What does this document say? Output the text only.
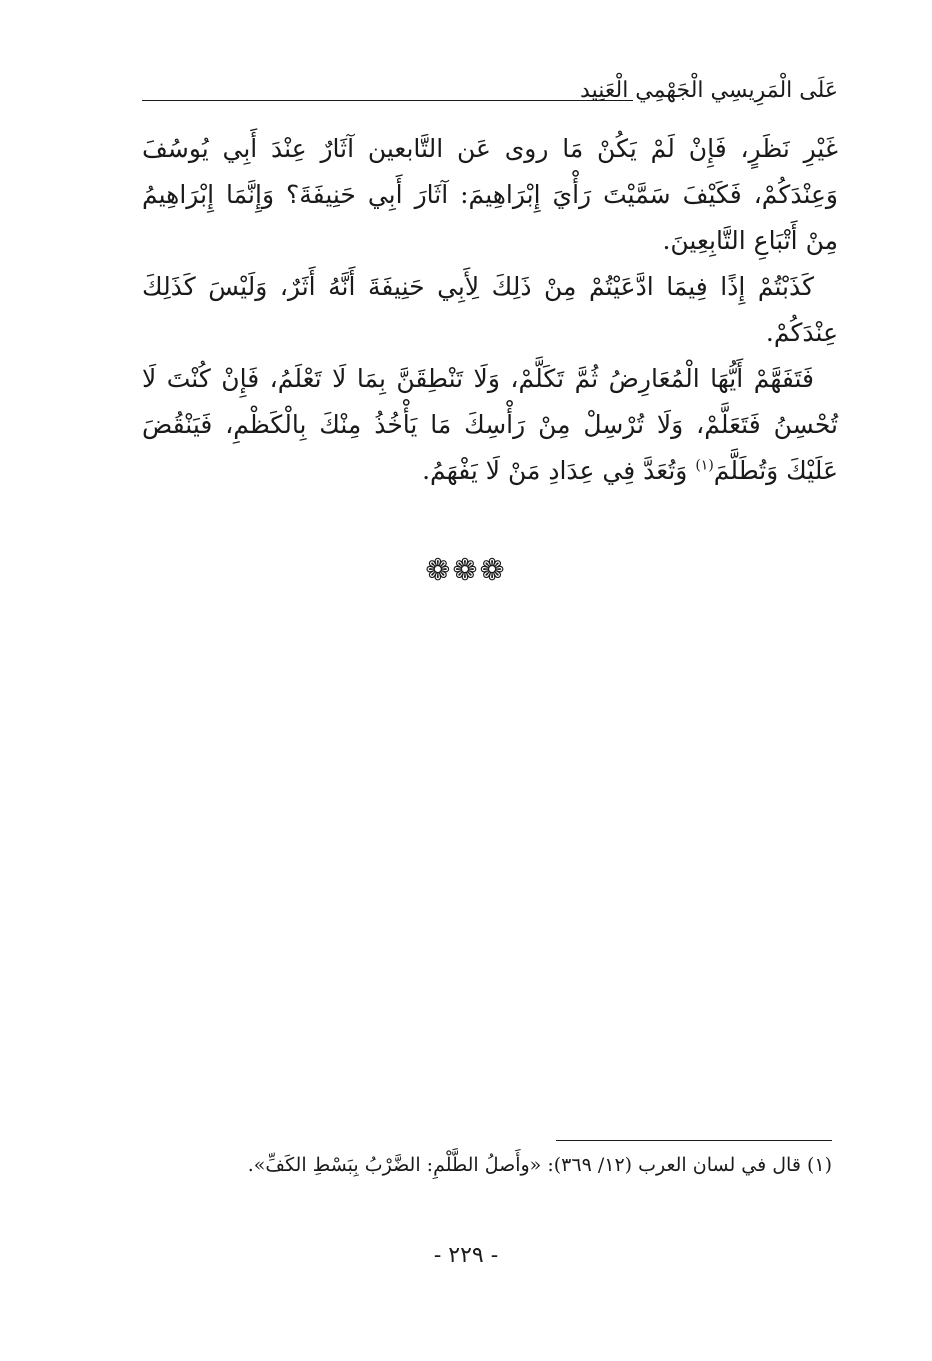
عَلَى الْمَرِيسِي الْجَهْمِي الْعَنِيد

غَيْرِ نَظَرٍ، فَإِنْ لَمْ يَكُنْ مَا روى عَن التَّابعين آثَارٌ عِنْدَ أَبِي يُوسُفَ وَعِنْدَكُمْ، فَكَيْفَ سَمَّيْتَ رَأْيَ إِبْرَاهِيمَ: آثَارَ أَبِي حَنِيفَةَ؟ وَإِنَّمَا إِبْرَاهِيمُ مِنْ أَتْبَاعِ التَّابِعِينَ.

كَذَبْتُمْ إِذًا فِيمَا ادَّعَيْتُمْ مِنْ ذَلِكَ لِأَبِي حَنِيفَةَ أَنَّهُ أَثَرٌ، وَلَيْسَ كَذَلِكَ عِنْدَكُمْ.

فَتَفَهَّمْ أَيُّهَا الْمُعَارِضُ ثُمَّ تَكَلَّمْ، وَلَا تَنْطِقَنَّ بِمَا لَا تَعْلَمُ، فَإِنْ كُنْتَ لَا تُحْسِنُ فَتَعَلَّمْ، وَلَا تُرْسِلْ مِنْ رَأْسِكَ مَا يَأْخُذُ مِنْكَ بِالْكَظْمِ، فَيَنْقُضَ عَلَيْكَ وَتُطَلَّمَ$^{(١)}$ وَتُعَدَّ فِي عِدَادِ مَنْ لَا يَفْهَمُ.

❁❁❁
(١) قال في لسان العرب (١٢/ ٣٦٩): «وأَصلُ الطَّلْمِ: الضَّرْبُ بِبَسْطِ الكَفِّ».
- ٢٢٩ -
